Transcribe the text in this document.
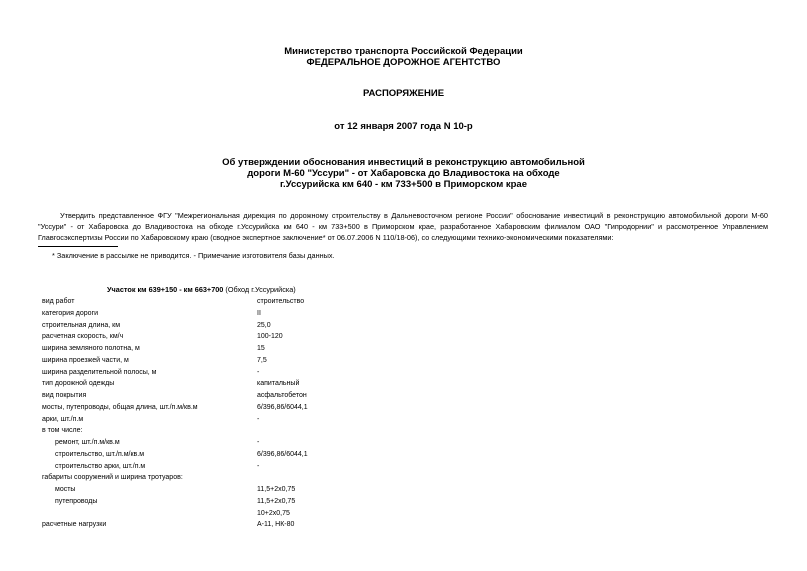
Министерство транспорта Российской Федерации
ФЕДЕРАЛЬНОЕ ДОРОЖНОЕ АГЕНТСТВО
РАСПОРЯЖЕНИЕ
от 12 января 2007 года N 10-р
Об утверждении обоснования инвестиций в реконструкцию автомобильной
дороги М-60 "Уссури" - от Хабаровска до Владивостока на обходе
г.Уссурийска км 640 - км 733+500 в Приморском крае
Утвердить представленное ФГУ "Межрегиональная дирекция по дорожному строительству в Дальневосточном регионе России" обоснование инвестиций в реконструкцию автомобильной дороги М-60 "Уссури" - от Хабаровска до Владивостока на обходе г.Уссурийска км 640 - км 733+500 в Приморском крае, разработанное Хабаровским филиалом ОАО "Гипродорнии" и рассмотренное Управлением Главгосэкспертизы России по Хабаровскому краю (сводное экспертное заключение* от 06.07.2006 N 110/18-06), со следующими технико-экономическими показателями:
* Заключение в рассылке не приводится. - Примечание изготовителя базы данных.
Участок км 639+150 - км 663+700 (Обход г.Уссурийска)
вид работ	строительство
категория дороги	II
строительная длина, км	25,0
расчетная скорость, км/ч	100-120
ширина земляного полотна, м	15
ширина проезжей части, м	7,5
ширина разделительной полосы, м	-
тип дорожной одежды	капитальный
вид покрытия	асфальтобетон
мосты, путепроводы, общая длина, шт./п.м/кв.м	6/396,86/6044,1
арки, шт./п.м	-
в том числе:
ремонт, шт./п.м/кв.м	-
строительство, шт./п.м/кв.м	6/396,86/6044,1
строительство арки, шт./п.м	-
габариты сооружений и ширина тротуаров:
мосты	11,5+2х0,75
путепроводы	11,5+2х0,75
10+2х0,75
расчетные нагрузки	А-11, НК-80
